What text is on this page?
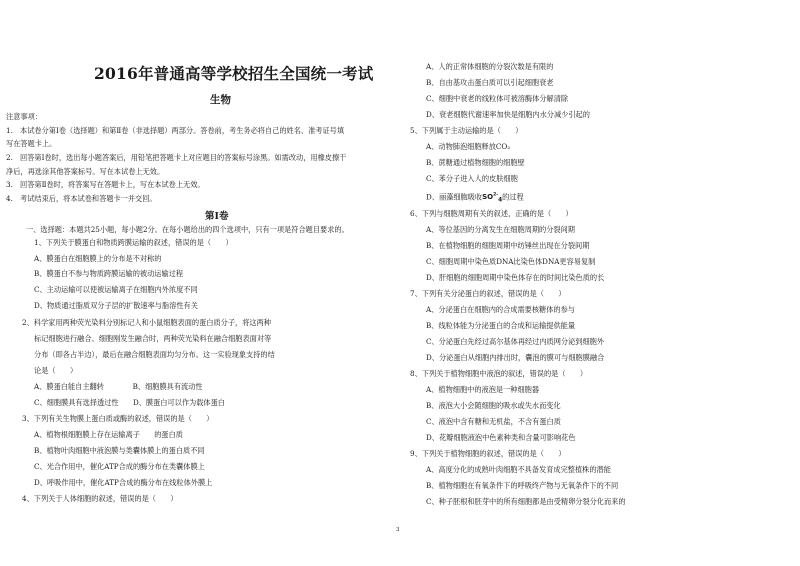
2016年普通高等学校招生全国统一考试
生物
注意事项：
1.　本试卷分第Ⅰ卷（选择题）和第Ⅱ卷（非选择题）两部分。答卷前，考生务必将自己的姓名、准考证号填
写在答题卡上。
2.　回答第Ⅰ卷时，选出每小题答案后，用铅笔把答题卡上对应题目的答案标号涂黑。如需改动，用橡皮擦干
净后，再选涂其他答案标号。写在本试卷上无效。
3.　回答第Ⅱ卷时，将答案写在答题卡上，写在本试卷上无效。
4.　考试结束后，将本试卷和答题卡一并交回。
第Ⅰ卷
一、选择题：本题共25小题，每小题2分。在每小题给出的四个选项中，只有一项是符合题目要求的。
1、下列关于膜蛋白和物质跨膜运输的叙述，错误的是（　　）
A、膜蛋白在细胞膜上的分布是不对称的
B、膜蛋白不参与物质跨膜运输的被动运输过程
C、主动运输可以使被运输离子在细胞内外浓度不同
D、物质通过脂质双分子层的扩散速率与脂溶性有关
2、科学家用两种荧光染料分别标记人和小鼠细胞表面的蛋白质分子，将这两种
标记细胞进行融合。细胞刚发生融合时，两种荧光染料在融合细胞表面对等
分布（即各占半边），最后在融合细胞表面均匀分布。这一实验现象支持的结
论是（　　）
A、膜蛋白能自主翻转　　　　B、细胞膜具有流动性
C、细胞膜具有选择透过性　　D、膜蛋白可以作为载体蛋白
3、下列有关生物膜上蛋白质或酶的叙述，错误的是（　　）
A、植物根细胞膜上存在运输离子　　的蛋白质
B、植物叶肉细胞中液泡膜与类囊体膜上的蛋白质不同
C、光合作用中，催化ATP合成的酶分布在类囊体膜上
D、呼吸作用中，催化ATP合成的酶分布在线粒体外膜上
4、下列关于人体细胞的叙述，错误的是（　　）
A、人的正常体细胞的分裂次数是有限的
B、自由基攻击蛋白质可以引起细胞衰老
C、细胞中衰老的线粒体可被溶酶体分解清除
D、衰老细胞代谢速率加快是细胞内水分减少引起的
5、下列属于主动运输的是（　　）
A、动物肺泡细胞释放CO₂
B、蔗糖通过植物细胞的细胞壁
C、苯分子进入人的皮肤细胞
D、丽藻细胞吸收$SO^{2-}_4$的过程
6、下列与细胞周期有关的叙述，正确的是（　　）
A、等位基因的分离发生在细胞周期的分裂间期
B、在植物细胞的细胞周期中纺锤丝出现在分裂间期
C、细胞周期中染色质DNA比染色体DNA更容易复制
D、肝细胞的细胞周期中染色体存在的时间比染色质的长
7、下列有关分泌蛋白的叙述，错误的是（　　）
A、分泌蛋白在细胞内的合成需要核糖体的参与
B、线粒体能为分泌蛋白的合成和运输提供能量
C、分泌蛋白先经过高尔基体再经过内质网分泌到细胞外
D、分泌蛋白从细胞内排出时，囊泡的膜可与细胞膜融合
8、下列关于植物细胞中液泡的叙述，错误的是（　　）
A、植物细胞中的液泡是一种细胞器
B、液泡大小会随细胞的吸水或失水而变化
C、液泡中含有糖和无机盐，不含有蛋白质
D、花瓣细胞液泡中色素种类和含量可影响花色
9、下列关于植物细胞的叙述，错误的是（　　）
A、高度分化的成熟叶肉细胞不具备发育成完整植株的潜能
B、植物细胞在有氧条件下的呼吸终产物与无氧条件下的不同
C、种子胚根和胚芽中的所有细胞都是由受精卵分裂分化而来的
3
